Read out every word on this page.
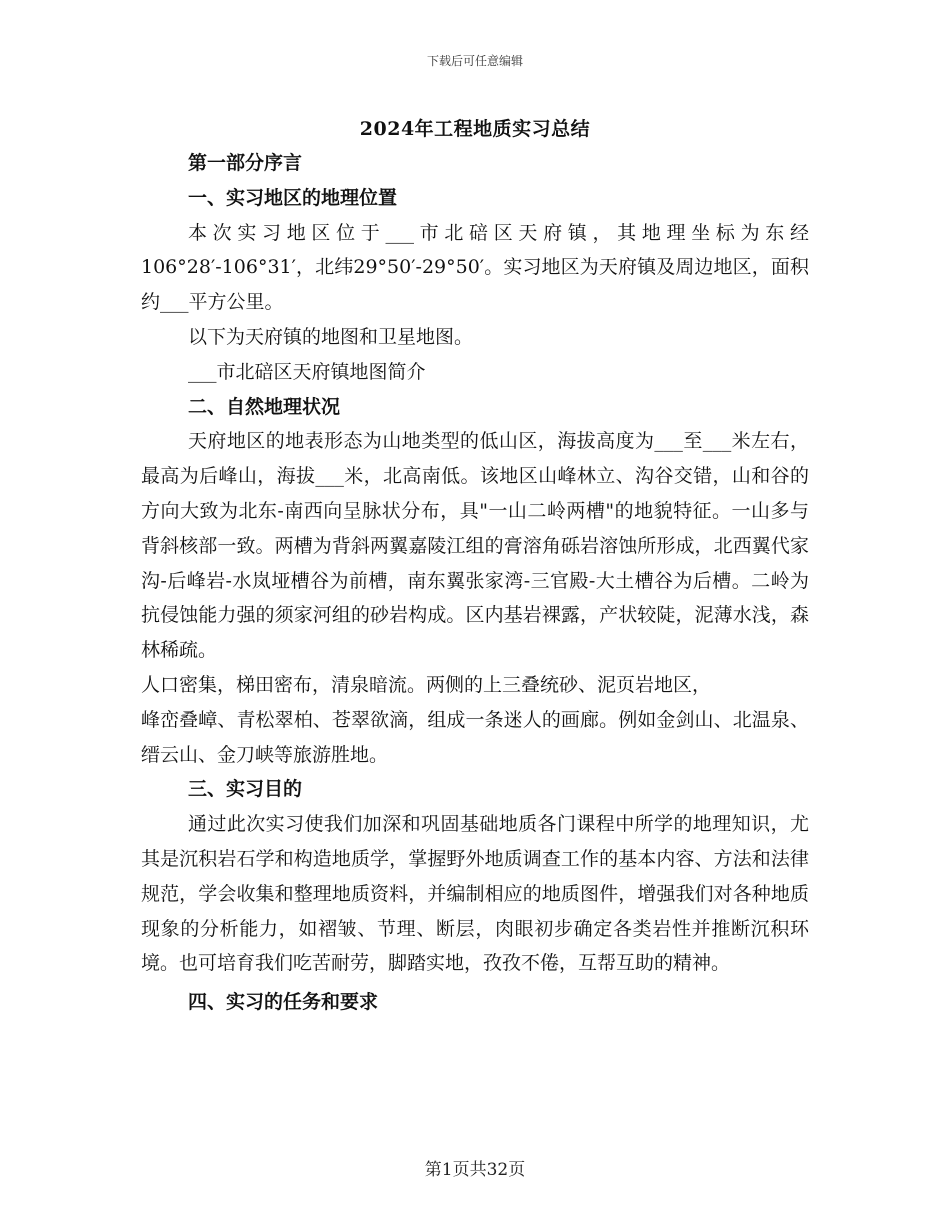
下载后可任意编辑
2024年工程地质实习总结

第一部分序言

一、实习地区的地理位置

本次实习地区位于___市北碚区天府镇，其地理坐标为东经106°28′-106°31′，北纬29°50′-29°50′。实习地区为天府镇及周边地区，面积约___平方公里。

以下为天府镇的地图和卫星地图。

___市北碚区天府镇地图简介

二、自然地理状况

天府地区的地表形态为山地类型的低山区，海拔高度为___至___米左右，最高为后峰山，海拔___米，北高南低。该地区山峰林立、沟谷交错，山和谷的方向大致为北东-南西向呈脉状分布，具"一山二岭两槽"的地貌特征。一山多与背斜核部一致。两槽为背斜两翼嘉陵江组的膏溶角砾岩溶蚀所形成，北西翼代家沟-后峰岩-水岚垭槽谷为前槽，南东翼张家湾-三官殿-大土槽谷为后槽。二岭为抗侵蚀能力强的须家河组的砂岩构成。区内基岩裸露，产状较陡，泥薄水浅，森林稀疏。

人口密集，梯田密布，清泉暗流。两侧的上三叠统砂、泥页岩地区，

峰峦叠嶂、青松翠柏、苍翠欲滴，组成一条迷人的画廊。例如金剑山、北温泉、缙云山、金刀峡等旅游胜地。

三、实习目的

通过此次实习使我们加深和巩固基础地质各门课程中所学的地理知识，尤其是沉积岩石学和构造地质学，掌握野外地质调查工作的基本内容、方法和法律规范，学会收集和整理地质资料，并编制相应的地质图件，增强我们对各种地质现象的分析能力，如褶皱、节理、断层，肉眼初步确定各类岩性并推断沉积环境。也可培育我们吃苦耐劳，脚踏实地，孜孜不倦，互帮互助的精神。

四、实习的任务和要求

第1页共32页
